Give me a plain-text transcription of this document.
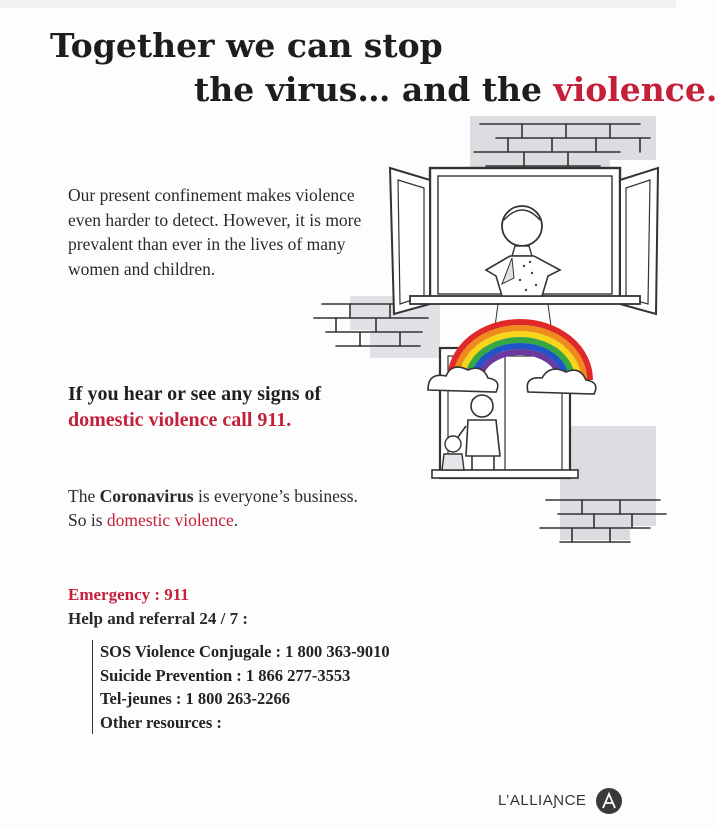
Together we can stop
the virus… and the violence.
Our present confinement makes violence even harder to detect. However, it is more prevalent than ever in the lives of many women and children.
If you hear or see any signs of
domestic violence call 911.
The Coronavirus is everyone’s business.
So is domestic violence.
Emergency : 911
Help and referral 24 / 7 :
SOS Violence Conjugale : 1 800 363-9010
Suicide Prevention : 1 866 277-3553
Tel-jeunes : 1 800 263-2266
Other resources :
L’ALLIAƝCE
